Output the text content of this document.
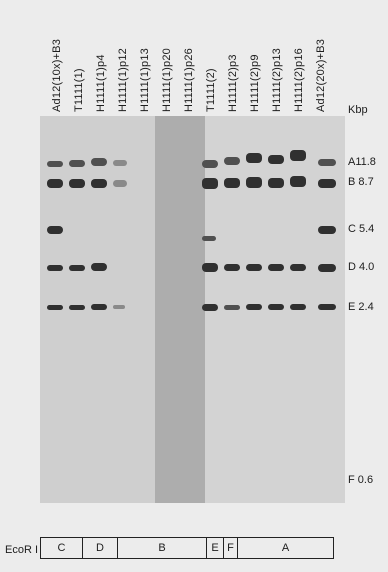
Ad12(10x)+B3 T1111(1) H1111(1)p4 H1111(1)p12 H1111(1)p13 H1111(1)p20 H1111(1)p26 T1111(2) H1111(2)p3 H1111(2)p9 H1111(2)p13 H1111(2)p16 Ad12(20x)+B3 Kbp
A11.8
B 8.7
C 5.4
D 4.0
E 2.4
F 0.6
EcoR I	C	D	B	E F	A
